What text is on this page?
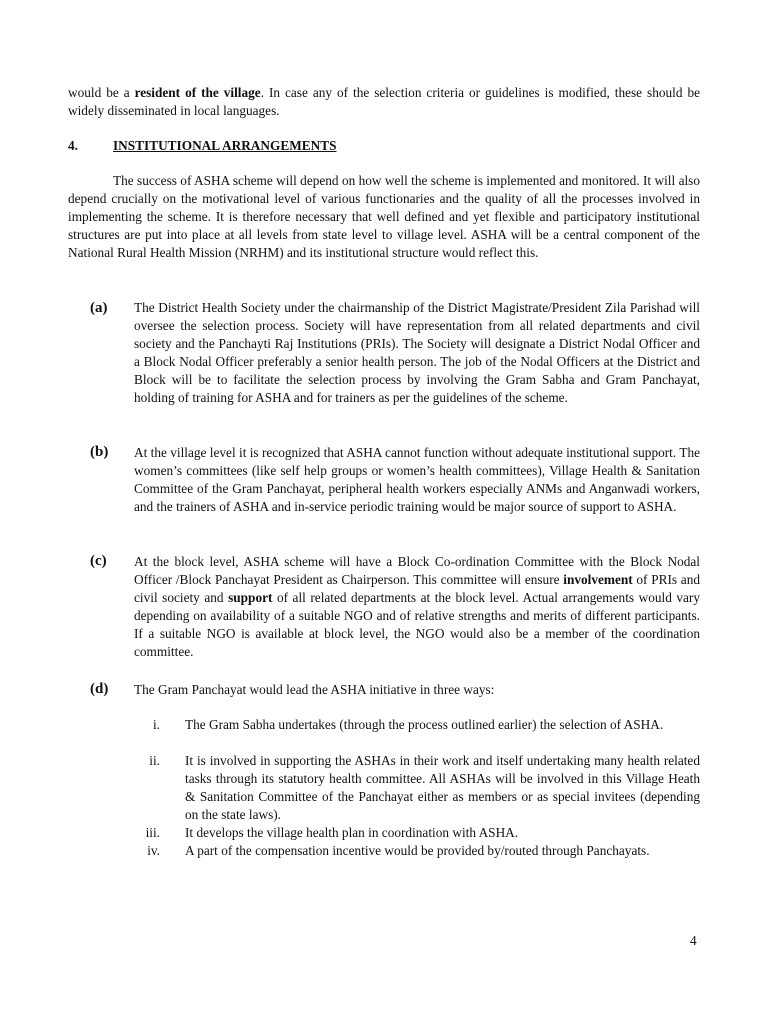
would be a resident of the village. In case any of the selection criteria or guidelines is modified, these should be widely disseminated in local languages.

4.	INSTITUTIONAL ARRANGEMENTS

The success of ASHA scheme will depend on how well the scheme is implemented and monitored. It will also depend crucially on the motivational level of various functionaries and the quality of all the processes involved in implementing the scheme. It is therefore necessary that well defined and yet flexible and participatory institutional structures are put into place at all levels from state level to village level. ASHA will be a central component of the National Rural Health Mission (NRHM) and its institutional structure would reflect this.

(a) The District Health Society under the chairmanship of the District Magistrate/President Zila Parishad will oversee the selection process. Society will have representation from all related departments and civil society and the Panchayti Raj Institutions (PRIs). The Society will designate a District Nodal Officer and a Block Nodal Officer preferably a senior health person. The job of the Nodal Officers at the District and Block will be to facilitate the selection process by involving the Gram Sabha and Gram Panchayat, holding of training for ASHA and for trainers as per the guidelines of the scheme.

(b) At the village level it is recognized that ASHA cannot function without adequate institutional support. The women’s committees (like self help groups or women’s health committees), Village Health & Sanitation Committee of the Gram Panchayat, peripheral health workers especially ANMs and Anganwadi workers, and the trainers of ASHA and in-service periodic training would be major source of support to ASHA.

(c) At the block level, ASHA scheme will have a Block Co-ordination Committee with the Block Nodal Officer /Block Panchayat President as Chairperson. This committee will ensure involvement of PRIs and civil society and support of all related departments at the block level. Actual arrangements would vary depending on availability of a suitable NGO and of relative strengths and merits of different participants. If a suitable NGO is available at block level, the NGO would also be a member of the coordination committee.

(d) The Gram Panchayat would lead the ASHA initiative in three ways:

i. The Gram Sabha undertakes (through the process outlined earlier) the selection of ASHA.

ii. It is involved in supporting the ASHAs in their work and itself undertaking many health related tasks through its statutory health committee. All ASHAs will be involved in this Village Heath & Sanitation Committee of the Panchayat either as members or as special invitees (depending on the state laws).

iii. It develops the village health plan in coordination with ASHA.

iv. A part of the compensation incentive would be provided by/routed through Panchayats.

4
